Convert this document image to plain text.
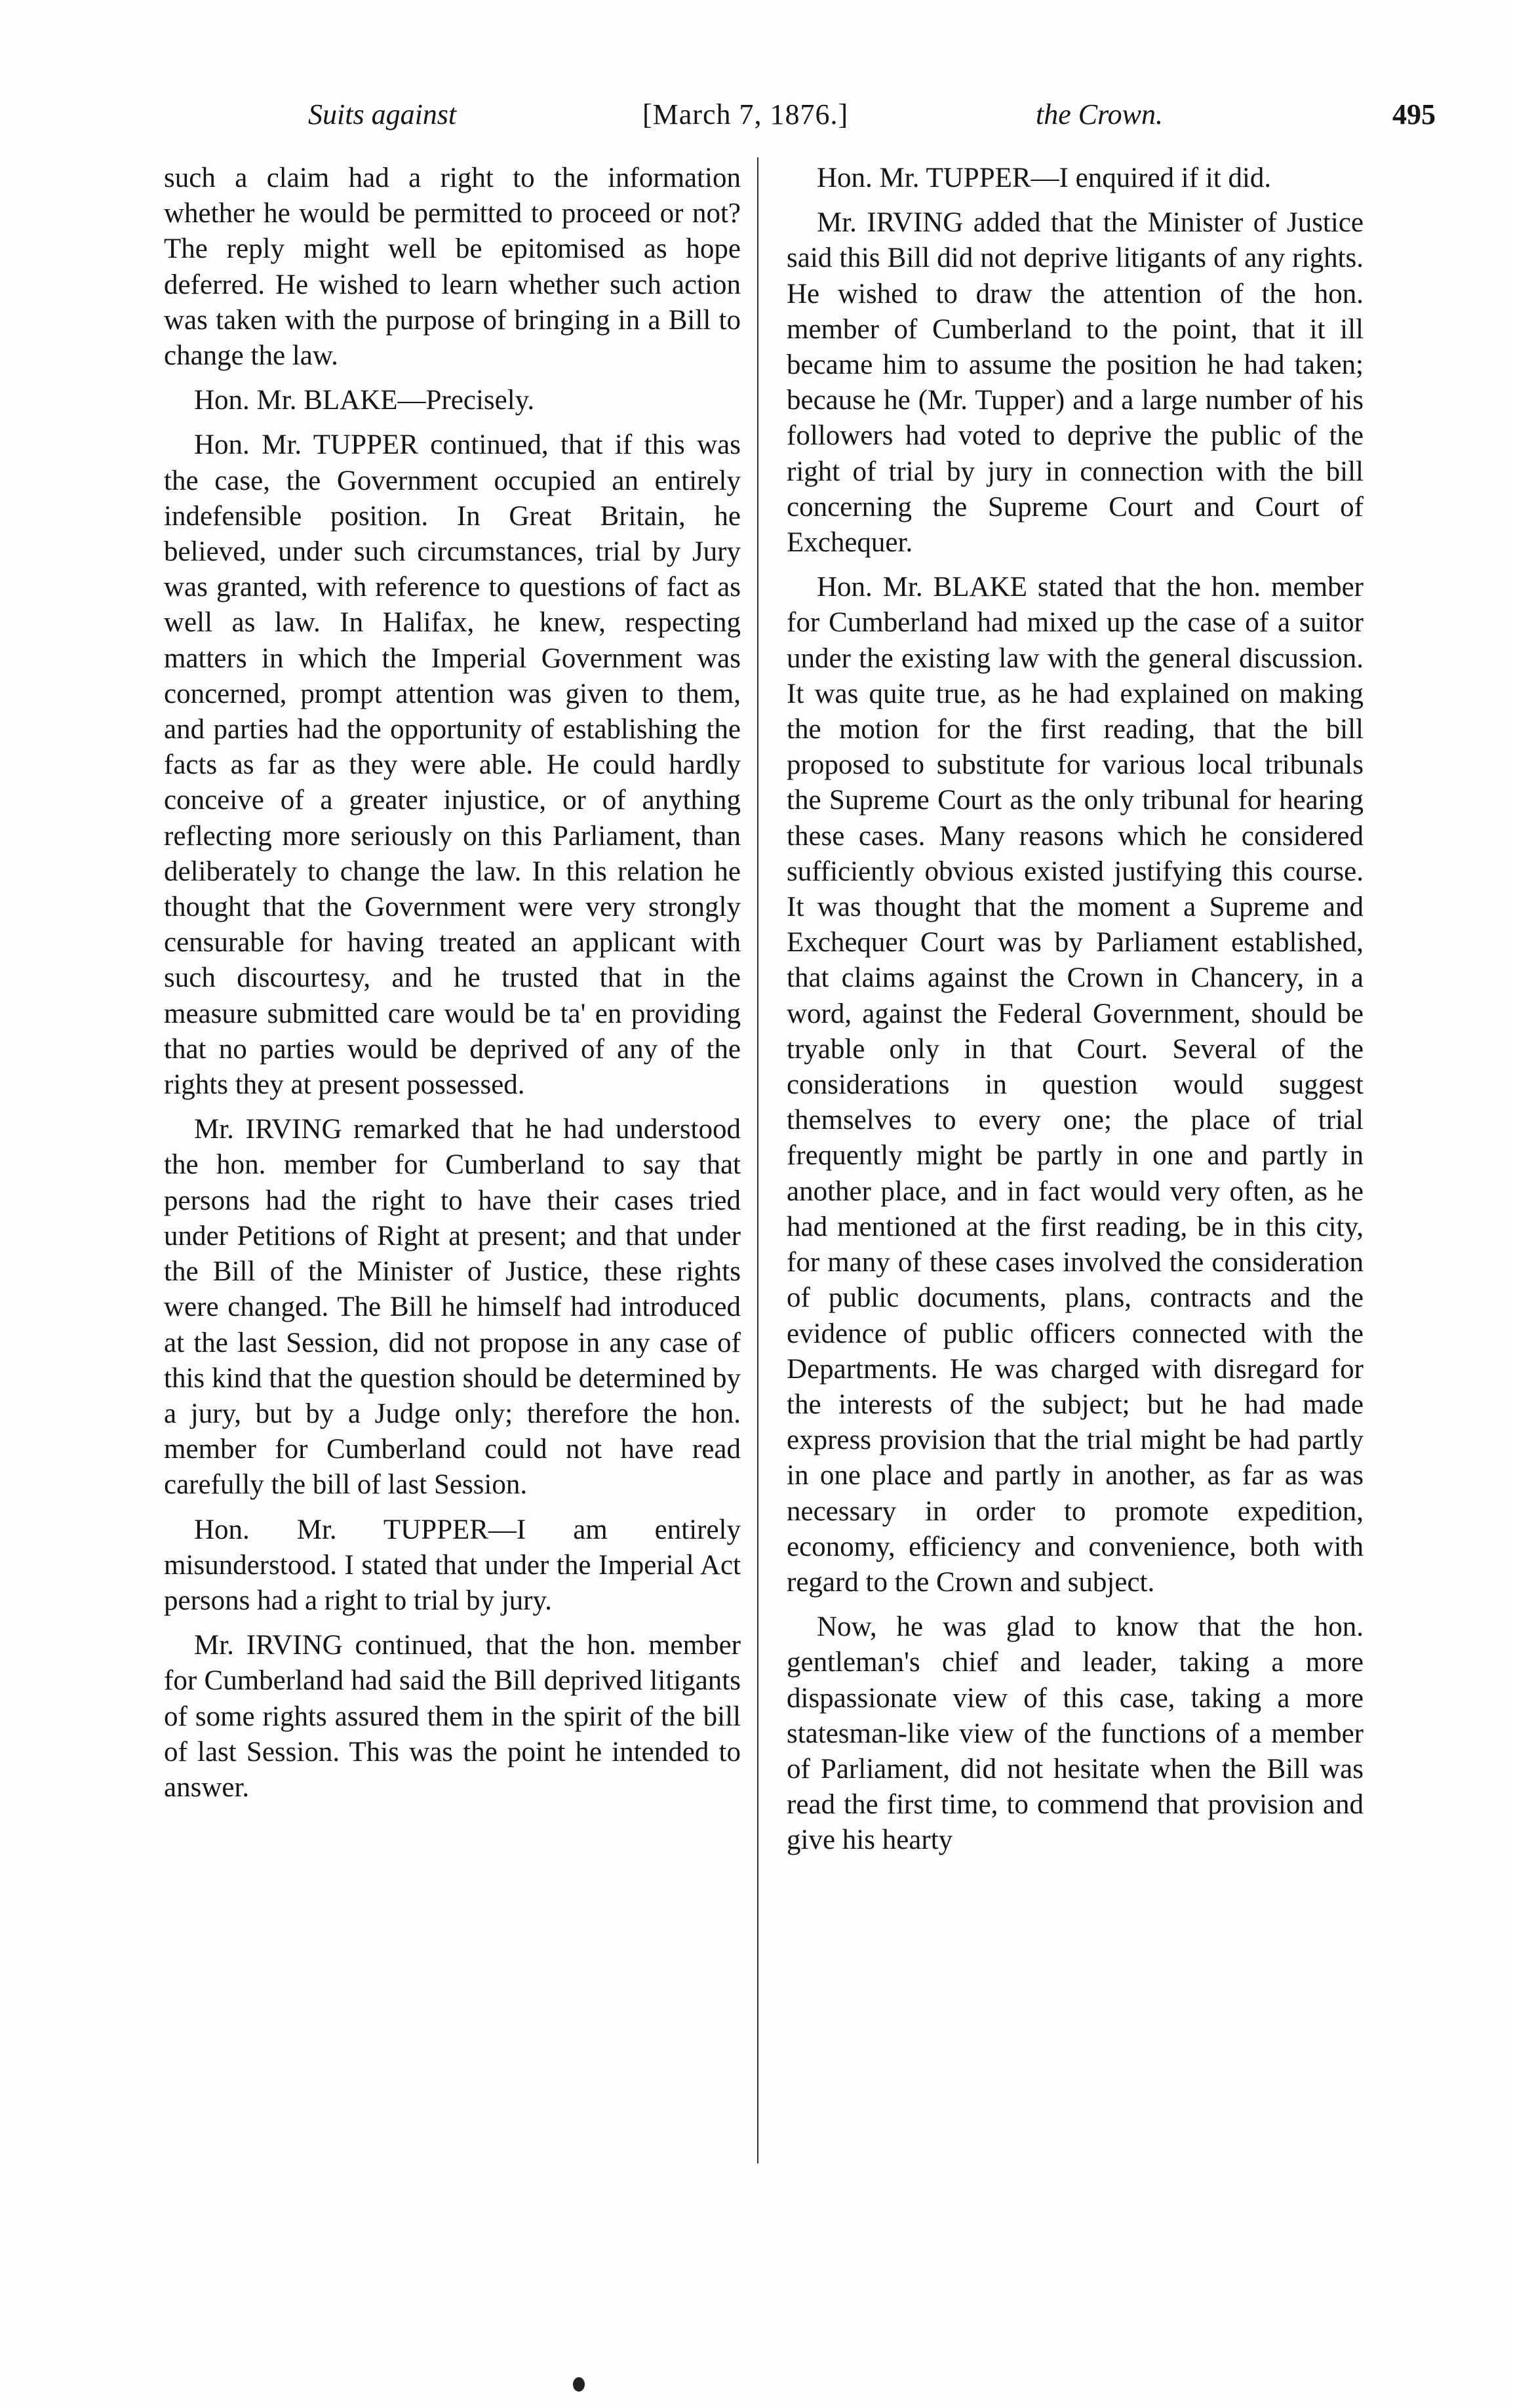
Suits against	[March 7, 1876.]	the Crown.	495

such a claim had a right to the information whether he would be permitted to proceed or not? The reply might well be epitomised as hope deferred. He wished to learn whether such action was taken with the purpose of bringing in a Bill to change the law.

Hon. Mr. BLAKE—Precisely.

Hon. Mr. TUPPER continued, that if this was the case, the Government occupied an entirely indefensible position. In Great Britain, he believed, under such circumstances, trial by Jury was granted, with reference to questions of fact as well as law. In Halifax, he knew, respecting matters in which the Imperial Government was concerned, prompt attention was given to them, and parties had the opportunity of establishing the facts as far as they were able. He could hardly conceive of a greater injustice, or of anything reflecting more seriously on this Parliament, than deliberately to change the law. In this relation he thought that the Government were very strongly censurable for having treated an applicant with such discourtesy, and he trusted that in the measure submitted care would be ta' en providing that no parties would be deprived of any of the rights they at present possessed.

Mr. IRVING remarked that he had understood the hon. member for Cumberland to say that persons had the right to have their cases tried under Petitions of Right at present; and that under the Bill of the Minister of Justice, these rights were changed. The Bill he himself had introduced at the last Session, did not propose in any case of this kind that the question should be determined by a jury, but by a Judge only; therefore the hon. member for Cumberland could not have read carefully the bill of last Session.

Hon. Mr. TUPPER—I am entirely misunderstood. I stated that under the Imperial Act persons had a right to trial by jury.

Mr. IRVING continued, that the hon. member for Cumberland had said the Bill deprived litigants of some rights assured them in the spirit of the bill of last Session. This was the point he intended to answer.

Hon. Mr. TUPPER—I enquired if it did.

Mr. IRVING added that the Minister of Justice said this Bill did not deprive litigants of any rights. He wished to draw the attention of the hon. member of Cumberland to the point, that it ill became him to assume the position he had taken; because he (Mr. Tupper) and a large number of his followers had voted to deprive the public of the right of trial by jury in connection with the bill concerning the Supreme Court and Court of Exchequer.

Hon. Mr. BLAKE stated that the hon. member for Cumberland had mixed up the case of a suitor under the existing law with the general discussion. It was quite true, as he had explained on making the motion for the first reading, that the bill proposed to substitute for various local tribunals the Supreme Court as the only tribunal for hearing these cases. Many reasons which he considered sufficiently obvious existed justifying this course. It was thought that the moment a Supreme and Exchequer Court was by Parliament established, that claims against the Crown in Chancery, in a word, against the Federal Government, should be tryable only in that Court. Several of the considerations in question would suggest themselves to every one; the place of trial frequently might be partly in one and partly in another place, and in fact would very often, as he had mentioned at the first reading, be in this city, for many of these cases involved the consideration of public documents, plans, contracts and the evidence of public officers connected with the Departments. He was charged with disregard for the interests of the subject; but he had made express provision that the trial might be had partly in one place and partly in another, as far as was necessary in order to promote expedition, economy, efficiency and convenience, both with regard to the Crown and subject.

Now, he was glad to know that the hon. gentleman's chief and leader, taking a more dispassionate view of this case, taking a more statesman-like view of the functions of a member of Parliament, did not hesitate when the Bill was read the first time, to commend that provision and give his hearty
